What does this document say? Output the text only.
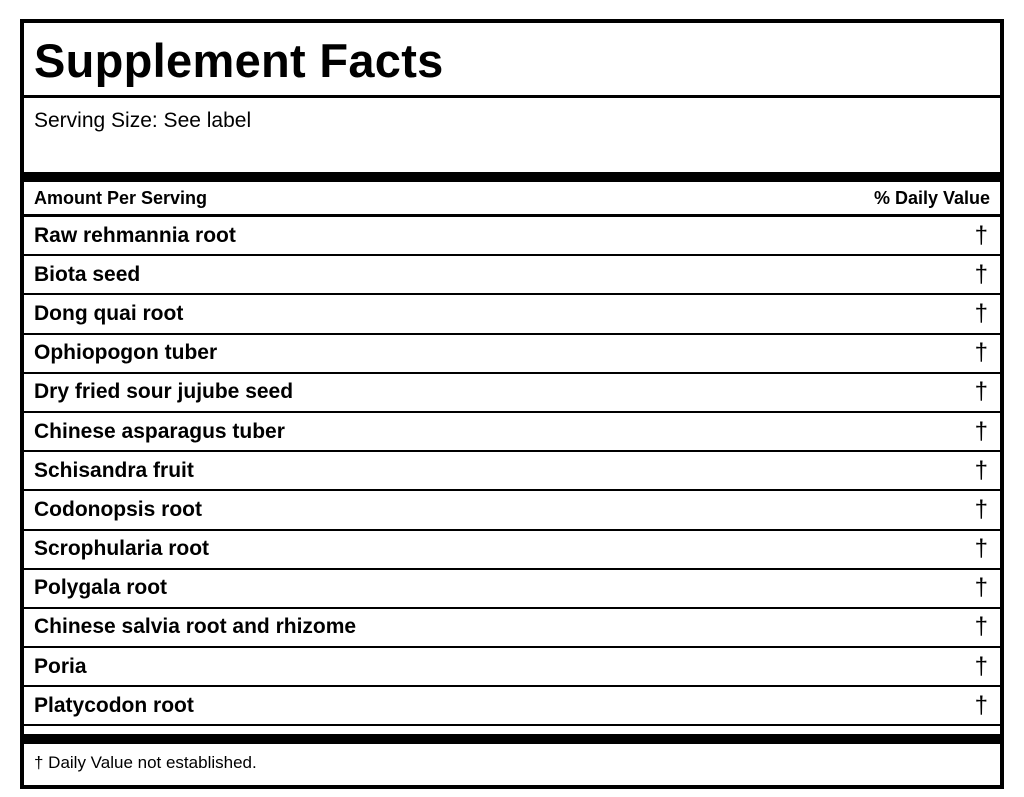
Supplement Facts
Serving Size: See label
Amount Per Serving	% Daily Value
Raw rehmannia root	†
Biota seed	†
Dong quai root	†
Ophiopogon tuber	†
Dry fried sour jujube seed	†
Chinese asparagus tuber	†
Schisandra fruit	†
Codonopsis root	†
Scrophularia root	†
Polygala root	†
Chinese salvia root and rhizome	†
Poria	†
Platycodon root	†
† Daily Value not established.
